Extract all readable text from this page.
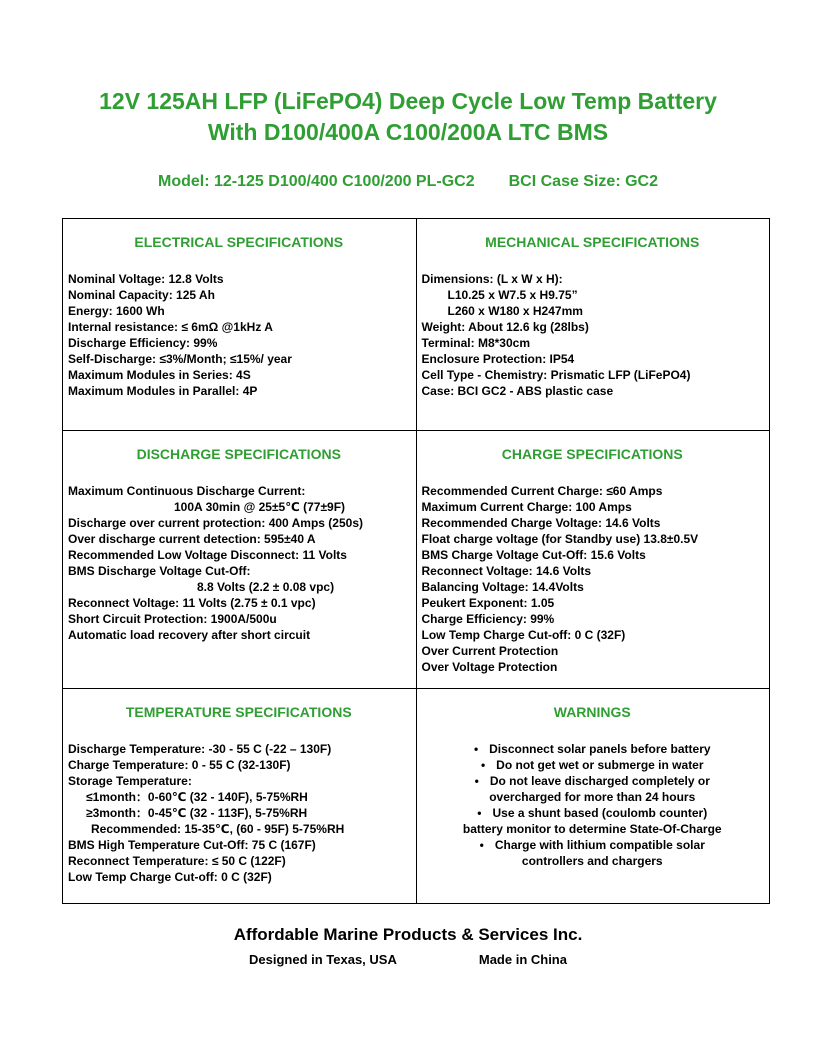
12V 125AH LFP (LiFePO4) Deep Cycle Low Temp Battery
With D100/400A C100/200A LTC BMS
Model: 12-125 D100/400 C100/200 PL-GC2 BCI Case Size: GC2
ELECTRICAL SPECIFICATIONS
Nominal Voltage: 12.8 Volts
Nominal Capacity: 125 Ah
Energy: 1600 Wh
Internal resistance: ≤ 6mΩ @1kHz A
Discharge Efficiency: 99%
Self-Discharge: ≤3%/Month; ≤15%/ year
Maximum Modules in Series: 4S
Maximum Modules in Parallel: 4P

MECHANICAL SPECIFICATIONS
Dimensions: (L x W x H):
L10.25 x W7.5 x H9.75”
L260 x W180 x H247mm
Weight: About 12.6 kg (28lbs)
Terminal: M8*30cm
Enclosure Protection: IP54
Cell Type - Chemistry: Prismatic LFP (LiFePO4)
Case: BCI GC2 - ABS plastic case

DISCHARGE SPECIFICATIONS
Maximum Continuous Discharge Current:
100A 30min @ 25±5℃ (77±9F)
Discharge over current protection: 400 Amps (250s)
Over discharge current detection: 595±40 A
Recommended Low Voltage Disconnect: 11 Volts
BMS Discharge Voltage Cut-Off:
8.8 Volts (2.2 ± 0.08 vpc)
Reconnect Voltage: 11 Volts (2.75 ± 0.1 vpc)
Short Circuit Protection: 1900A/500u
Automatic load recovery after short circuit

CHARGE SPECIFICATIONS
Recommended Current Charge: ≤60 Amps
Maximum Current Charge: 100 Amps
Recommended Charge Voltage: 14.6 Volts
Float charge voltage (for Standby use) 13.8±0.5V
BMS Charge Voltage Cut-Off: 15.6 Volts
Reconnect Voltage: 14.6 Volts
Balancing Voltage: 14.4Volts
Peukert Exponent: 1.05
Charge Efficiency: 99%
Low Temp Charge Cut-off: 0 C (32F)
Over Current Protection
Over Voltage Protection

TEMPERATURE SPECIFICATIONS
Discharge Temperature: -30 - 55 C (-22 – 130F)
Charge Temperature: 0 - 55 C (32-130F)
Storage Temperature:
≤1month：0-60℃ (32 - 140F), 5-75%RH
≥3month：0-45℃ (32 - 113F), 5-75%RH
Recommended: 15-35℃, (60 - 95F) 5-75%RH
BMS High Temperature Cut-Off: 75 C (167F)
Reconnect Temperature: ≤ 50 C (122F)
Low Temp Charge Cut-off: 0 C (32F)

WARNINGS
• Disconnect solar panels before battery
• Do not get wet or submerge in water
• Do not leave discharged completely or
overcharged for more than 24 hours
• Use a shunt based (coulomb counter)
battery monitor to determine State-Of-Charge
• Charge with lithium compatible solar
controllers and chargers
Affordable Marine Products & Services Inc.
Designed in Texas, USA	Made in China
